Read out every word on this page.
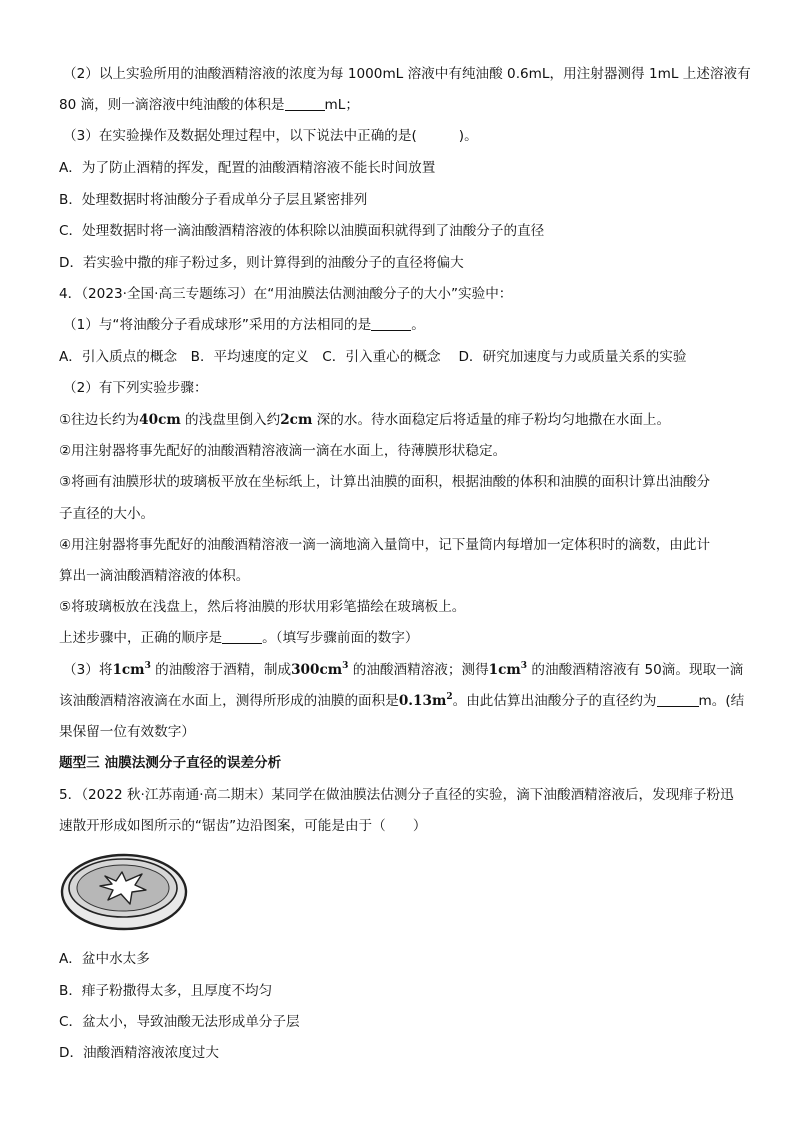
（2）以上实验所用的油酸酒精溶液的浓度为每 1000mL 溶液中有纯油酸 0.6mL，用注射器测得 1mL 上述溶液有
80 滴，则一滴溶液中纯油酸的体积是	mL；
（3）在实验操作及数据处理过程中，以下说法中正确的是(	)。
A．为了防止酒精的挥发，配置的油酸酒精溶液不能长时间放置
B．处理数据时将油酸分子看成单分子层且紧密排列
C．处理数据时将一滴油酸酒精溶液的体积除以油膜面积就得到了油酸分子的直径
D．若实验中撒的痱子粉过多，则计算得到的油酸分子的直径将偏大
4．（2023·全国·高三专题练习）在“用油膜法估测油酸分子的大小”实验中：
（1）与“将油酸分子看成球形”采用的方法相同的是	。
A．引入质点的概念　B．平均速度的定义　C．引入重心的概念　 D．研究加速度与力或质量关系的实验
（2）有下列实验步骤：
①往边长约为40cm 的浅盘里倒入约2cm 深的水。待水面稳定后将适量的痱子粉均匀地撒在水面上。
②用注射器将事先配好的油酸酒精溶液滴一滴在水面上，待薄膜形状稳定。
③将画有油膜形状的玻璃板平放在坐标纸上，计算出油膜的面积，根据油酸的体积和油膜的面积计算出油酸分
子直径的大小。
④用注射器将事先配好的油酸酒精溶液一滴一滴地滴入量筒中，记下量筒内每增加一定体积时的滴数，由此计
算出一滴油酸酒精溶液的体积。
⑤将玻璃板放在浅盘上，然后将油膜的形状用彩笔描绘在玻璃板上。
上述步骤中，正确的顺序是	。（填写步骤前面的数字）
（3）将$1cm^3$ 的油酸溶于酒精，制成$300cm^3$ 的油酸酒精溶液；测得$1cm^3$ 的油酸酒精溶液有 50滴。现取一滴
该油酸酒精溶液滴在水面上，测得所形成的油膜的面积是$0.13m^2$。由此估算出油酸分子的直径约为	m。(结
果保留一位有效数字）
题型三 油膜法测分子直径的误差分析
5．（2022 秋·江苏南通·高二期末）某同学在做油膜法估测分子直径的实验，滴下油酸酒精溶液后，发现痱子粉迅
速散开形成如图所示的“锯齿”边沿图案，可能是由于（　　）
A．盆中水太多
B．痱子粉撒得太多，且厚度不均匀
C．盆太小，导致油酸无法形成单分子层
D．油酸酒精溶液浓度过大
